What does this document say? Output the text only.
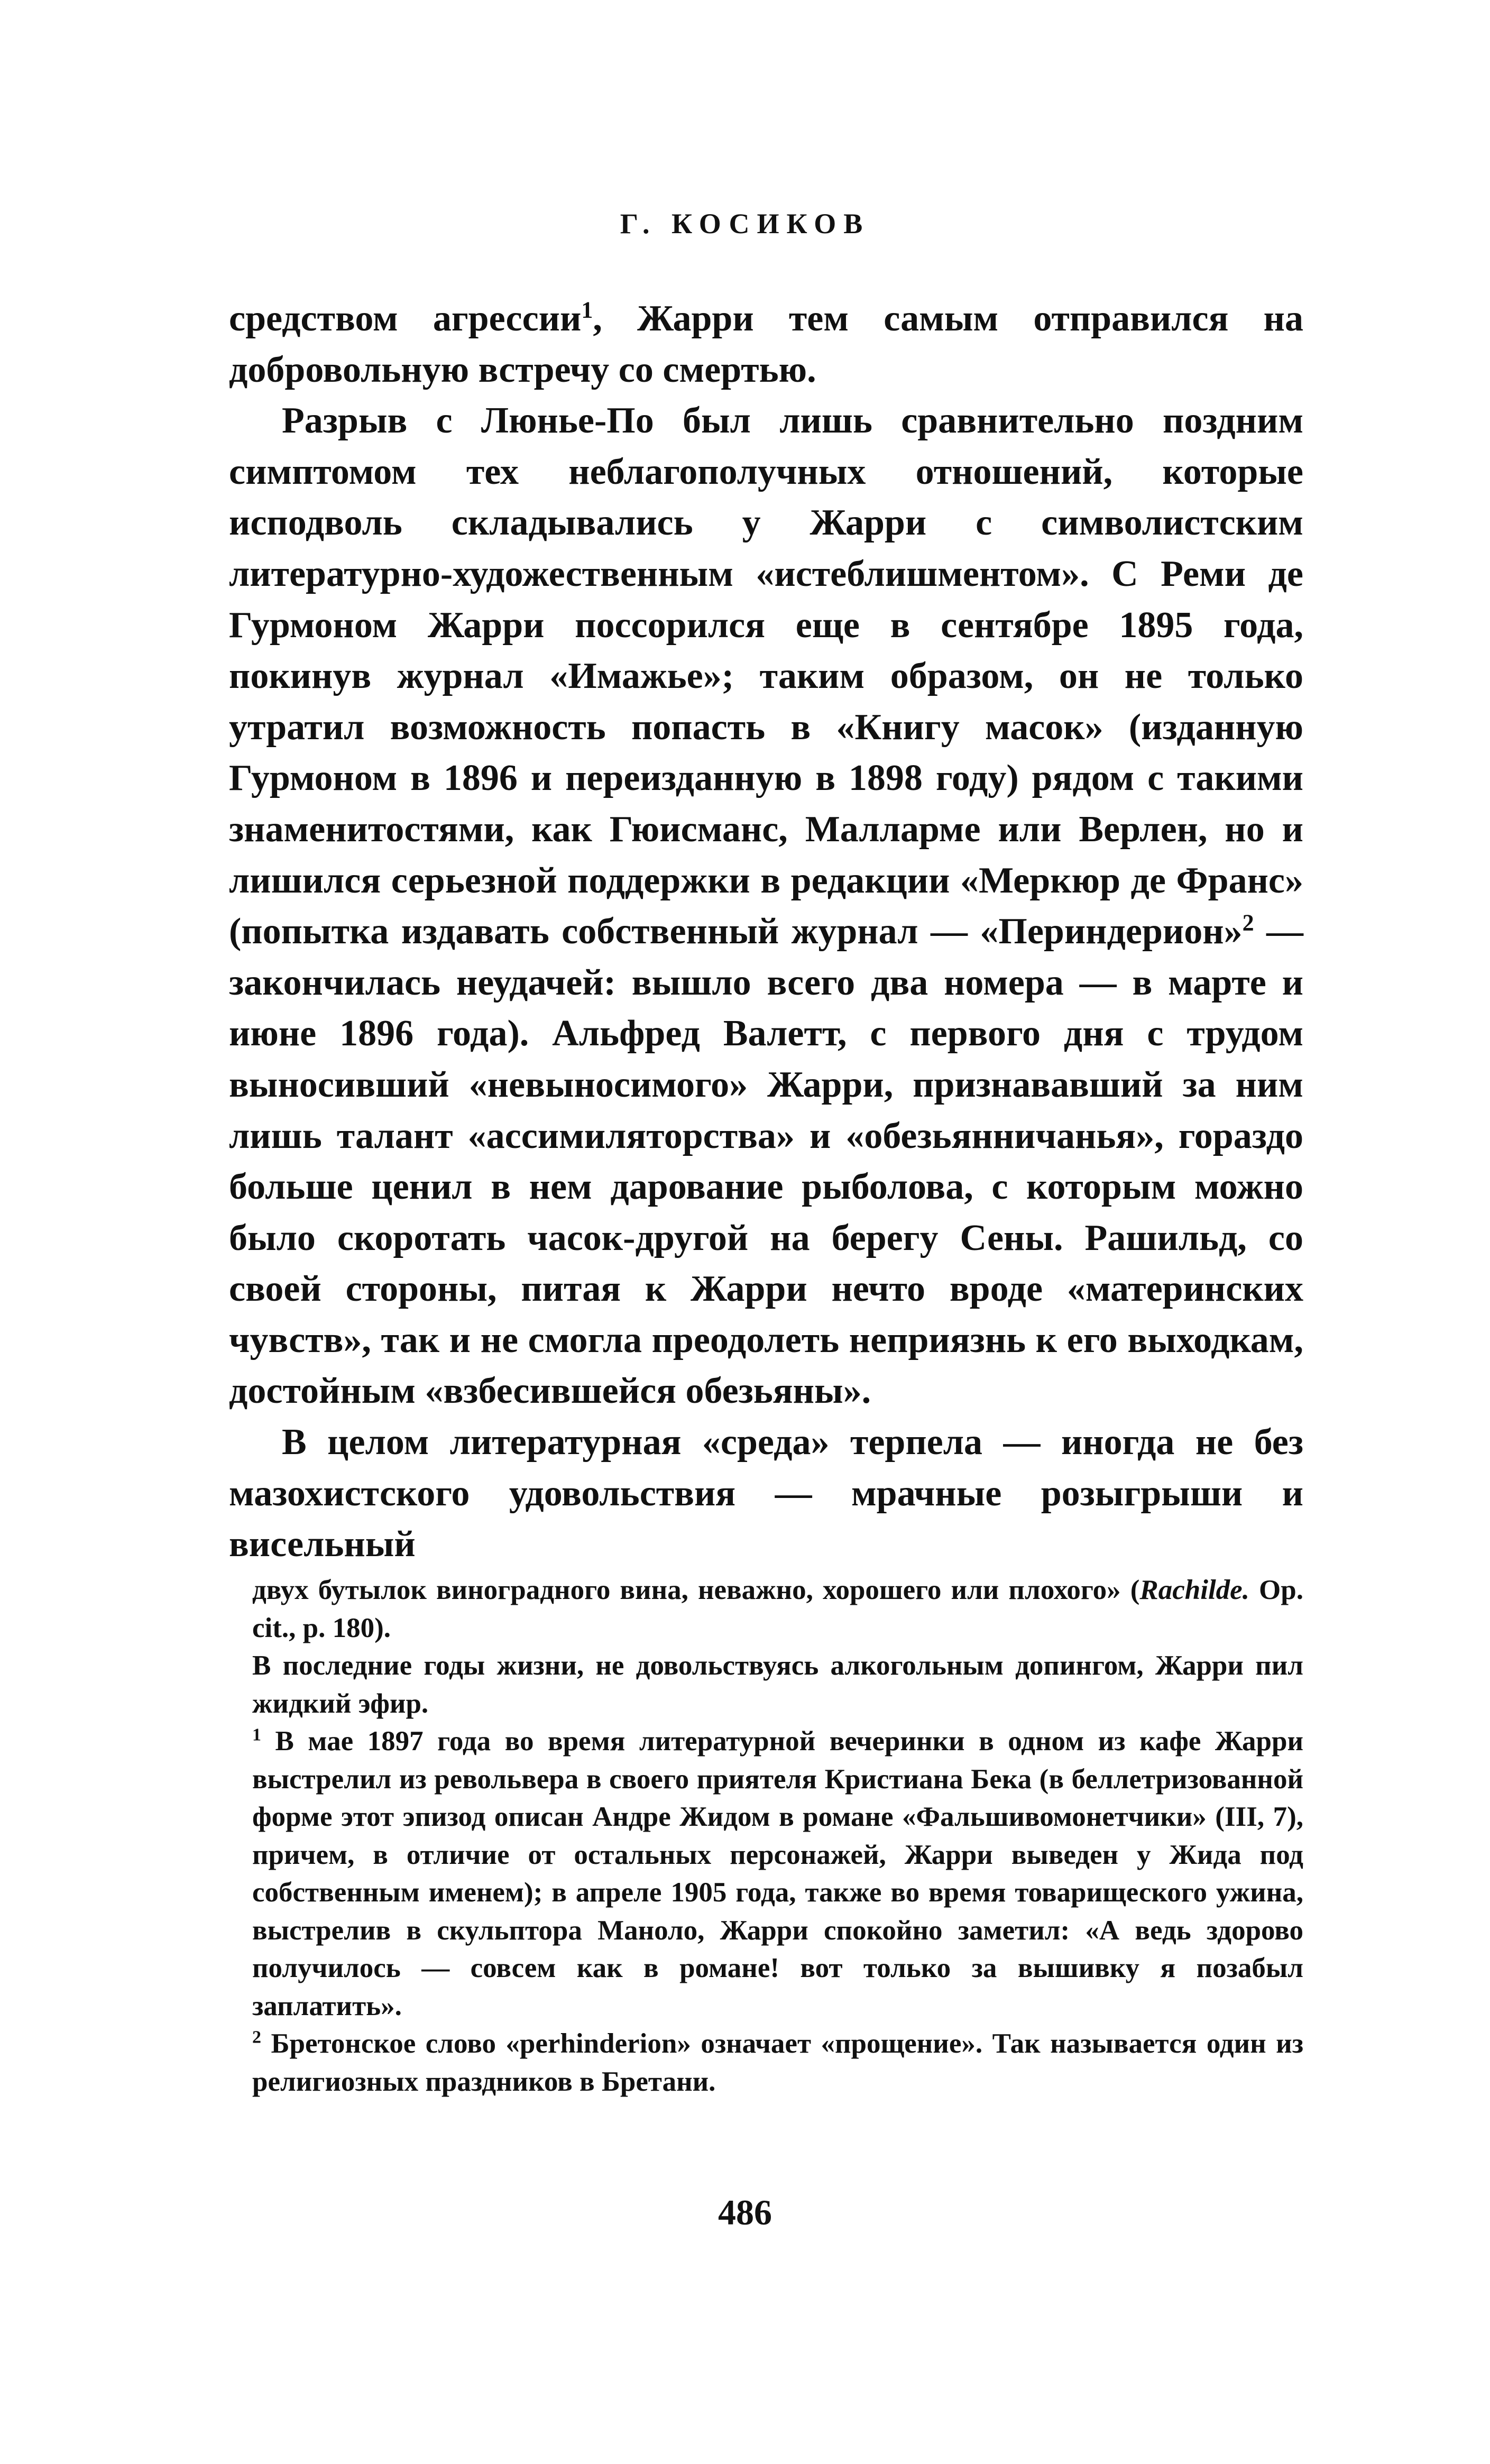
Г. КОСИКОВ

средством агрессии$^1$, Жарри тем самым отправился на добровольную встречу со смертью.

Разрыв с Люнье-По был лишь сравнительно поздним симптомом тех неблагополучных отношений, которые исподволь складывались у Жарри с символистским литературно-художественным «истеблишментом». С Реми де Гурмоном Жарри поссорился еще в сентябре 1895 года, покинув журнал «Имажье»; таким образом, он не только утратил возможность попасть в «Книгу масок» (изданную Гурмоном в 1896 и переизданную в 1898 году) рядом с такими знаменитостями, как Гюисманс, Малларме или Верлен, но и лишился серьезной поддержки в редакции «Меркюр де Франс» (попытка издавать собственный журнал — «Периндерион»$^2$ — закончилась неудачей: вышло всего два номера — в марте и июне 1896 года). Альфред Валетт, с первого дня с трудом выносивший «невыносимого» Жарри, признававший за ним лишь талант «ассимиляторства» и «обезьянничанья», гораздо больше ценил в нем дарование рыболова, с которым можно было скоротать часок-другой на берегу Сены. Рашильд, со своей стороны, питая к Жарри нечто вроде «материнских чувств», так и не смогла преодолеть неприязнь к его выходкам, достойным «взбесившейся обезьяны».

В целом литературная «среда» терпела — иногда не без мазохистского удовольствия — мрачные розыгрыши и висельный

двух бутылок виноградного вина, неважно, хорошего или плохого» (Rachilde. Op. cit., p. 180).

В последние годы жизни, не довольствуясь алкогольным допингом, Жарри пил жидкий эфир.

$^1$ В мае 1897 года во время литературной вечеринки в одном из кафе Жарри выстрелил из револьвера в своего приятеля Кристиана Бека (в беллетризованной форме этот эпизод описан Андре Жидом в романе «Фальшивомонетчики» (III, 7), причем, в отличие от остальных персонажей, Жарри выведен у Жида под собственным именем); в апреле 1905 года, также во время товарищеского ужина, выстрелив в скульптора Маноло, Жарри спокойно заметил: «А ведь здорово получилось — совсем как в романе! вот только за вышивку я позабыл заплатить».

$^2$ Бретонское слово «perhinderion» означает «прощение». Так называется один из религиозных праздников в Бретани.

486
